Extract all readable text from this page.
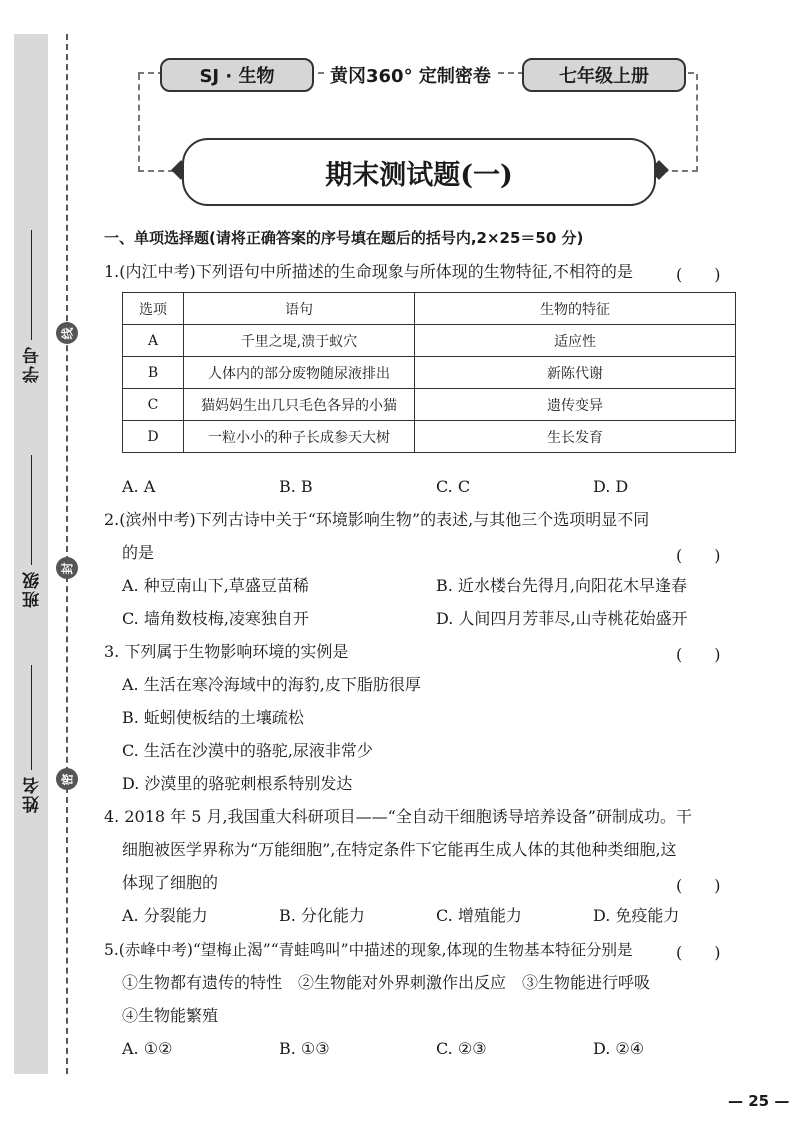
学号
线
班级
封
姓名 密
SJ · 生物	黄冈360° 定制密卷	七年级上册
期末测试题(一)
一、单项选择题(请将正确答案的序号填在题后的括号内,2×25＝50 分)
1.(内江中考)下列语句中所描述的生命现象与所体现的生物特征,不相符的是	(　　)
选项	语句	生物的特征
A	千里之堤,溃于蚁穴	适应性
B	人体内的部分废物随尿液排出	新陈代谢
C	猫妈妈生出几只毛色各异的小猫	遗传变异
D	一粒小小的种子长成参天大树	生长发育
A. A	B. B	C. C	D. D
2.(滨州中考)下列古诗中关于“环境影响生物”的表述,与其他三个选项明显不同
的是	(　　)
A. 种豆南山下,草盛豆苗稀	B. 近水楼台先得月,向阳花木早逢春
C. 墙角数枝梅,凌寒独自开	D. 人间四月芳菲尽,山寺桃花始盛开
3. 下列属于生物影响环境的实例是	(　　)
A. 生活在寒冷海域中的海豹,皮下脂肪很厚
B. 蚯蚓使板结的土壤疏松
C. 生活在沙漠中的骆驼,尿液非常少
D. 沙漠里的骆驼刺根系特别发达
4. 2018 年 5 月,我国重大科研项目——“全自动干细胞诱导培养设备”研制成功。干
细胞被医学界称为“万能细胞”,在特定条件下它能再生成人体的其他种类细胞,这
体现了细胞的	(　　)
A. 分裂能力	B. 分化能力	C. 增殖能力	D. 免疫能力
5.(赤峰中考)“望梅止渴”“青蛙鸣叫”中描述的现象,体现的生物基本特征分别是	(　　)
①生物都有遗传的特性　②生物能对外界刺激作出反应　③生物能进行呼吸
④生物能繁殖
A. ①②	B. ①③	C. ②③	D. ②④
— 25 —
